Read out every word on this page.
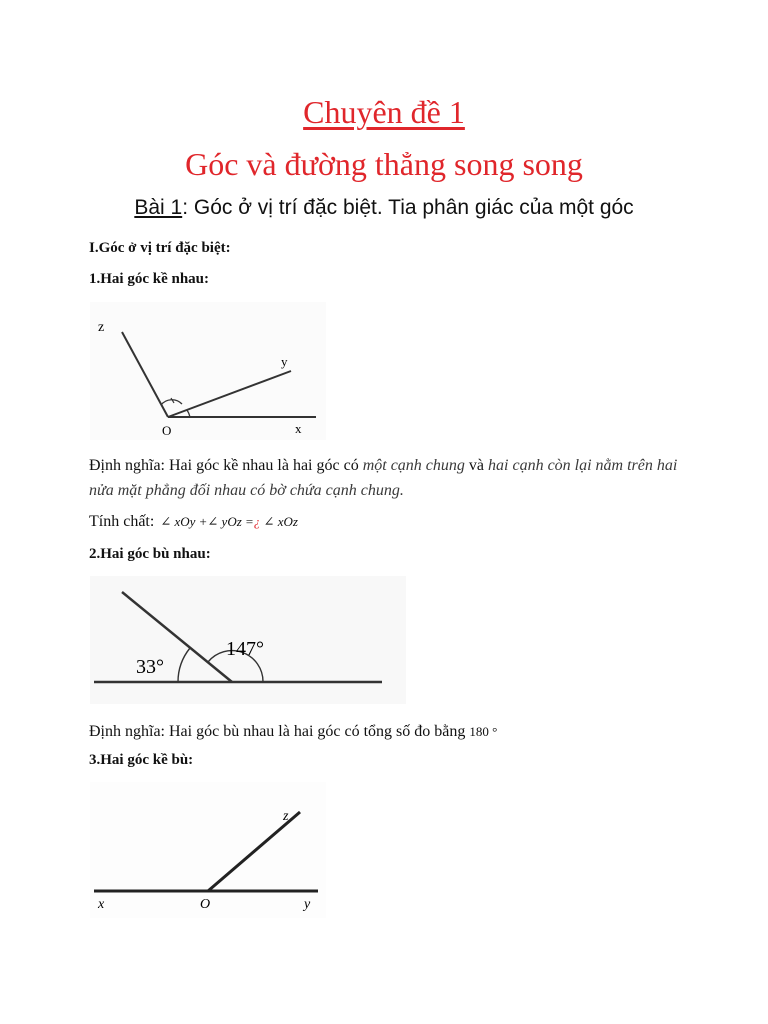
Chuyên đề 1
Góc và đường thẳng song song
Bài 1: Góc ở vị trí đặc biệt. Tia phân giác của một góc
I.Góc ở vị trí đặc biệt:
1.Hai góc kề nhau:
z
y
O	x
Định nghĩa: Hai góc kề nhau là hai góc có một cạnh chung và hai cạnh còn lại nằm trên hai nửa mặt phẳng đối nhau có bờ chứa cạnh chung.
Tính chất: ∠ xOy +∠ yOz =¿ ∠ xOz
2.Hai góc bù nhau:
33°
147°
Định nghĩa: Hai góc bù nhau là hai góc có tổng số đo bằng 180 °
3.Hai góc kề bù:
x	O	y
z
